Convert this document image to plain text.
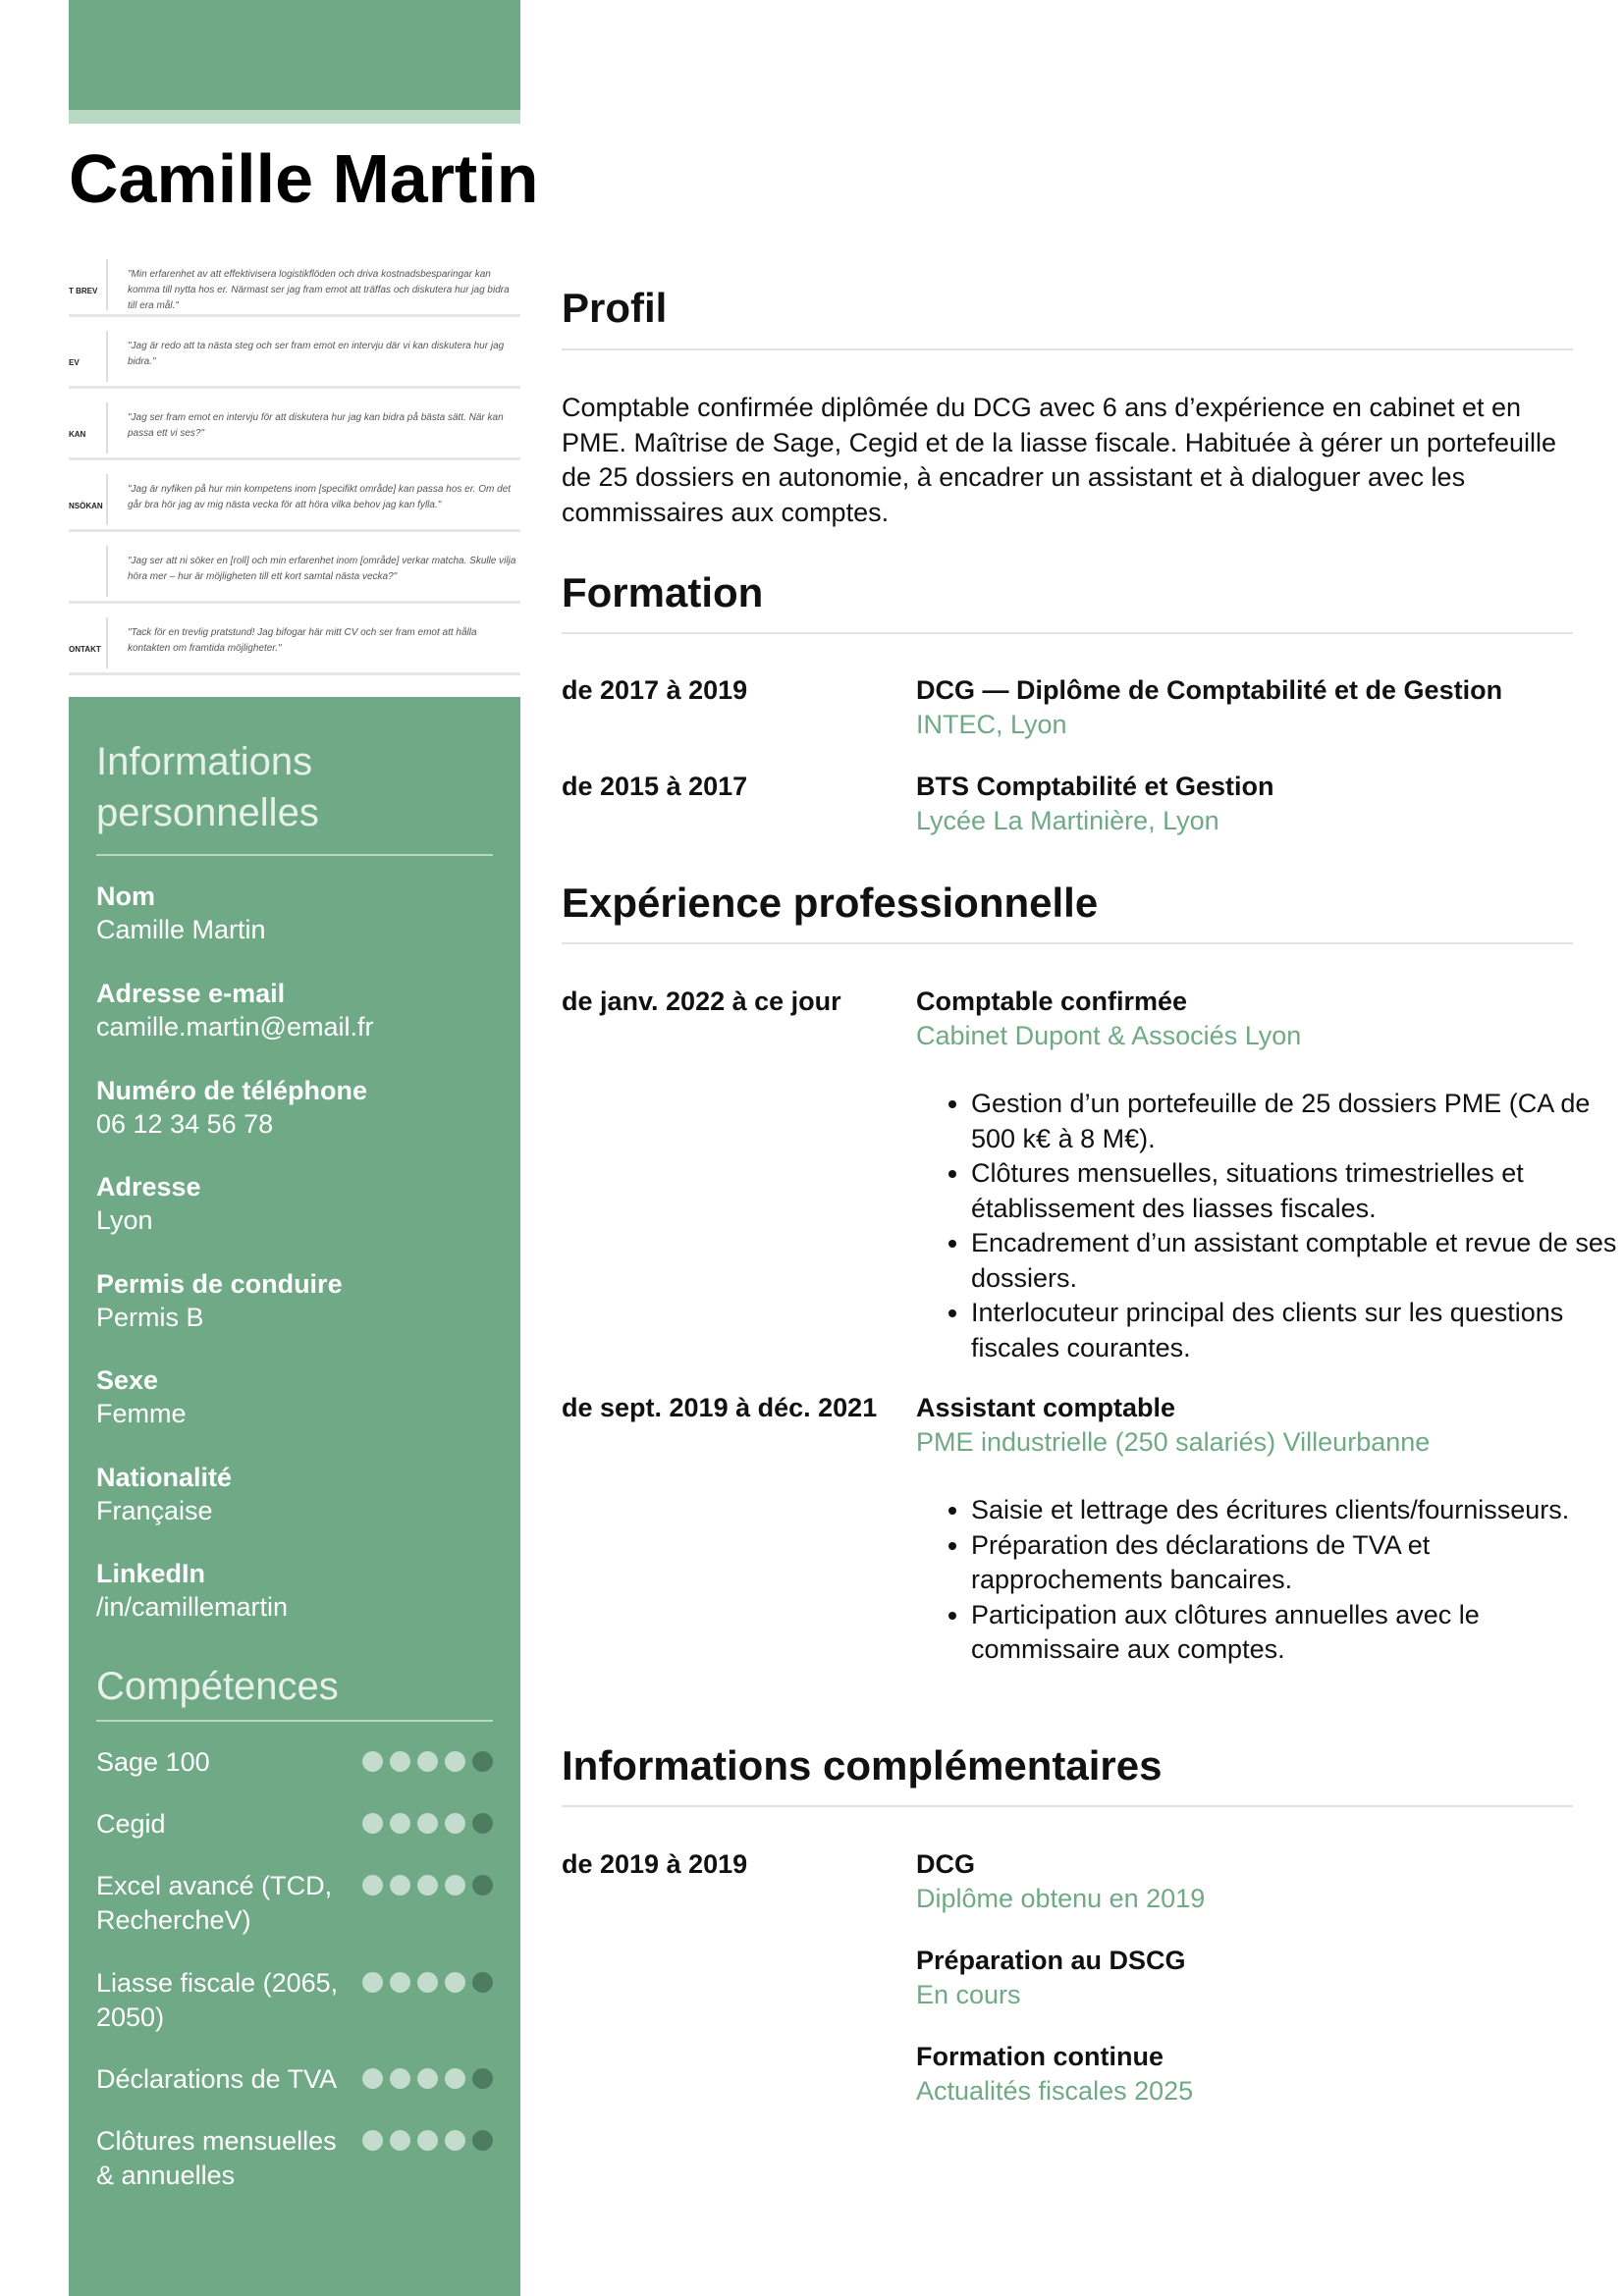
Camille Martin
T BREV
"Min erfarenhet av att effektivisera logistikflöden och driva kostnadsbesparingar kan komma till nytta hos er. Närmast ser jag fram emot att träffas och diskutera hur jag bidra till era mål."
EV
"Jag är redo att ta nästa steg och ser fram emot en intervju där vi kan diskutera hur jag bidra."
KAN
"Jag ser fram emot en intervju för att diskutera hur jag kan bidra på bästa sätt. När kan passa ett vi ses?"
NSÖKAN
"Jag är nyfiken på hur min kompetens inom [specifikt område] kan passa hos er. Om det går bra hör jag av mig nästa vecka för att höra vilka behov jag kan fylla."
"Jag ser att ni söker en [roll] och min erfarenhet inom [område] verkar matcha. Skulle vilja höra mer – hur är möjligheten till ett kort samtal nästa vecka?"
ONTAKT
"Tack för en trevlig pratstund! Jag bifogar här mitt CV och ser fram emot att hålla kontakten om framtida möjligheter."
Informations
personnelles
Nom
Camille Martin
Adresse e-mail
camille.martin@email.fr
Numéro de téléphone
06 12 34 56 78
Adresse
Lyon
Permis de conduire
Permis B
Sexe
Femme
Nationalité
Française
LinkedIn
/in/camillemartin
Compétences
Sage 100
Cegid
Excel avancé (TCD, RechercheV)
Liasse fiscale (2065, 2050)
Déclarations de TVA
Clôtures mensuelles & annuelles
Profil
Comptable confirmée diplômée du DCG avec 6 ans d’expérience en cabinet et en PME. Maîtrise de Sage, Cegid et de la liasse fiscale. Habituée à gérer un portefeuille de 25 dossiers en autonomie, à encadrer un assistant et à dialoguer avec les commissaires aux comptes.
Formation
de 2017 à 2019	DCG — Diplôme de Comptabilité et de Gestion
INTEC, Lyon
de 2015 à 2017	BTS Comptabilité et Gestion
Lycée La Martinière, Lyon
Expérience professionnelle
de janv. 2022 à ce jour	Comptable confirmée
Cabinet Dupont & Associés Lyon
• Gestion d’un portefeuille de 25 dossiers PME (CA de 500 k€ à 8 M€).
• Clôtures mensuelles, situations trimestrielles et établissement des liasses fiscales.
• Encadrement d’un assistant comptable et revue de ses dossiers.
• Interlocuteur principal des clients sur les questions fiscales courantes.
de sept. 2019 à déc. 2021 Assistant comptable
PME industrielle (250 salariés) Villeurbanne
• Saisie et lettrage des écritures clients/fournisseurs.
• Préparation des déclarations de TVA et rapprochements bancaires.
• Participation aux clôtures annuelles avec le commissaire aux comptes.
Informations complémentaires
de 2019 à 2019	DCG
Diplôme obtenu en 2019
Préparation au DSCG
En cours
Formation continue
Actualités fiscales 2025
